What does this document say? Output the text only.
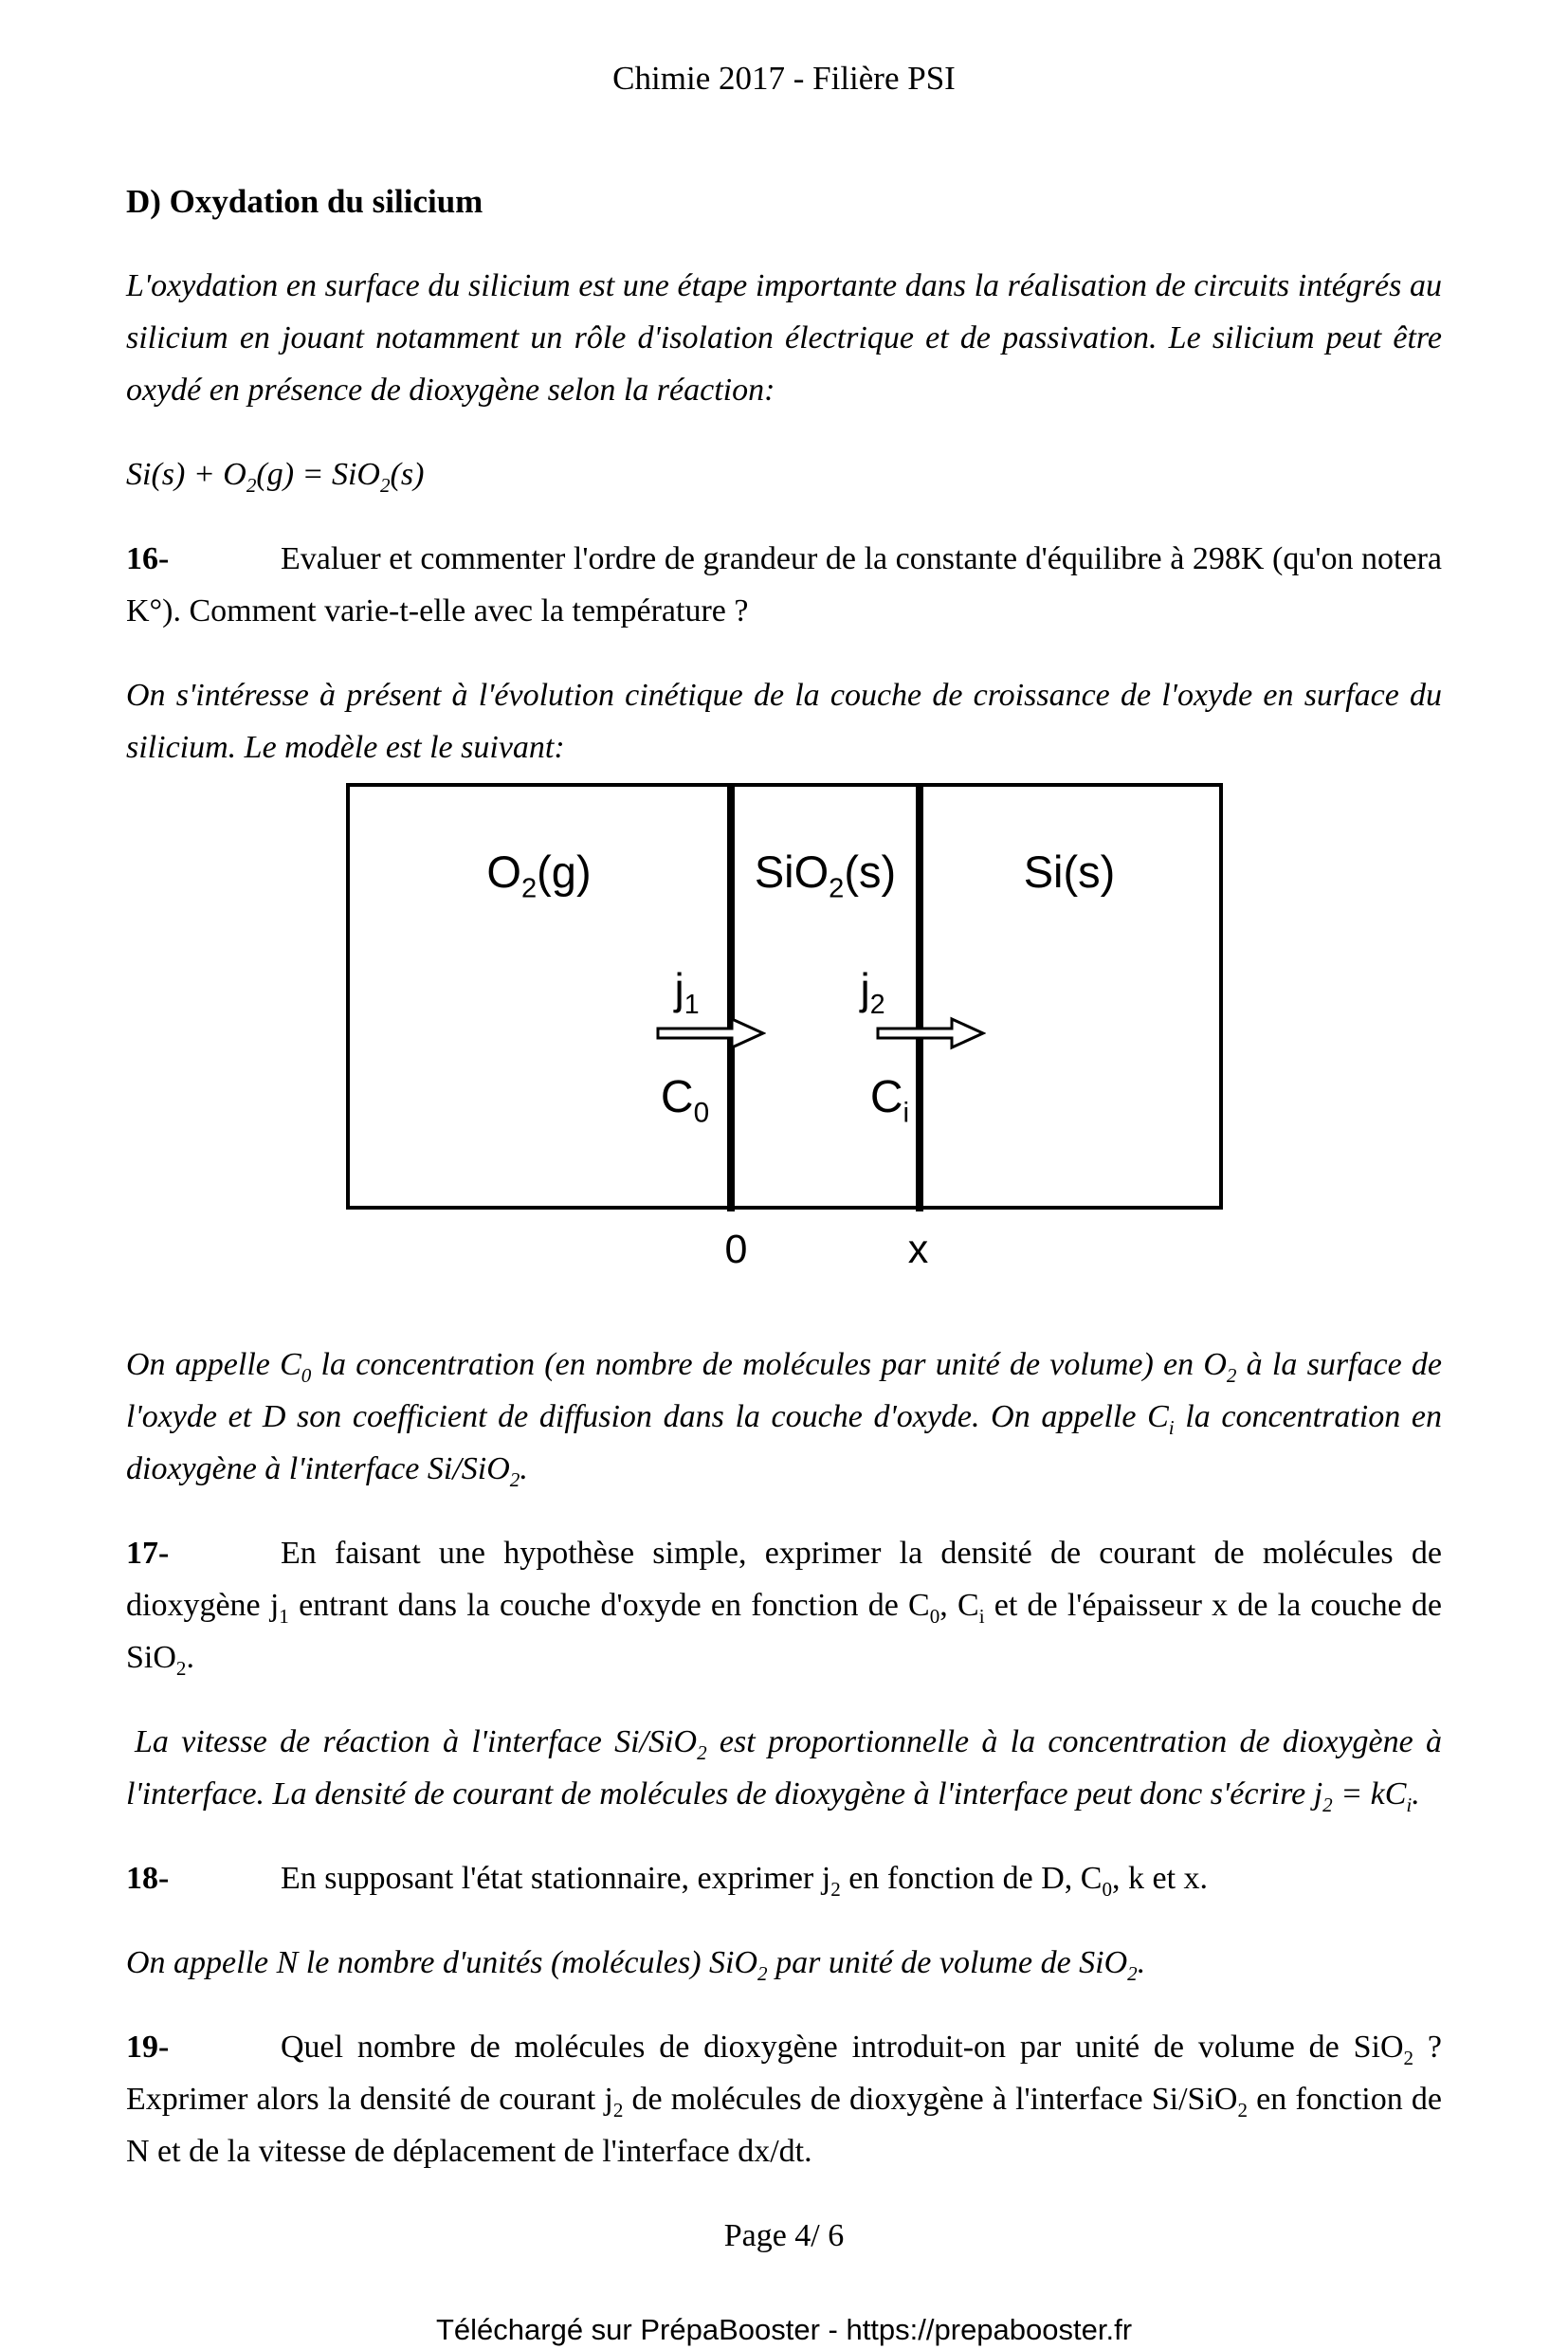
Chimie 2017 - Filière PSI
D) Oxydation du silicium

L'oxydation en surface du silicium est une étape importante dans la réalisation de circuits intégrés au silicium en jouant notamment un rôle d'isolation électrique et de passivation. Le silicium peut être oxydé en présence de dioxygène selon la réaction:

$Si(s) + O_2(g) = SiO_2(s)$

16-	Evaluer et commenter l'ordre de grandeur de la constante d'équilibre à 298K (qu'on notera K°). Comment varie-t-elle avec la température ?

On s'intéresse à présent à l'évolution cinétique de la couche de croissance de l'oxyde en surface du silicium. Le modèle est le suivant:

$O_2(g)$	SiO$_2$(s)	Si(s)
$j_1$	$j_2$
$C_0$	$C_i$
0	x

On appelle $C_0$ la concentration (en nombre de molécules par unité de volume) en $O_2$ à la surface de l'oxyde et D son coefficient de diffusion dans la couche d'oxyde. On appelle $C_i$ la concentration en dioxygène à l'interface Si/SiO$_2$.

17-	En faisant une hypothèse simple, exprimer la densité de courant de molécules de dioxygène $j_1$ entrant dans la couche d'oxyde en fonction de $C_0$, $C_i$ et de l'épaisseur x de la couche de SiO$_2$.

La vitesse de réaction à l'interface Si/SiO$_2$ est proportionnelle à la concentration de dioxygène à l'interface. La densité de courant de molécules de dioxygène à l'interface peut donc s'écrire $j_2 = kC_i$.

18-	En supposant l'état stationnaire, exprimer $j_2$ en fonction de D, $C_0$, k et x.

On appelle N le nombre d'unités (molécules) SiO$_2$ par unité de volume de SiO$_2$.

19-	Quel nombre de molécules de dioxygène introduit-on par unité de volume de SiO$_2$ ? Exprimer alors la densité de courant $j_2$ de molécules de dioxygène à l'interface Si/SiO$_2$ en fonction de N et de la vitesse de déplacement de l'interface dx/dt.

Page 4/ 6
Téléchargé sur PrépaBooster - https://prepabooster.fr
